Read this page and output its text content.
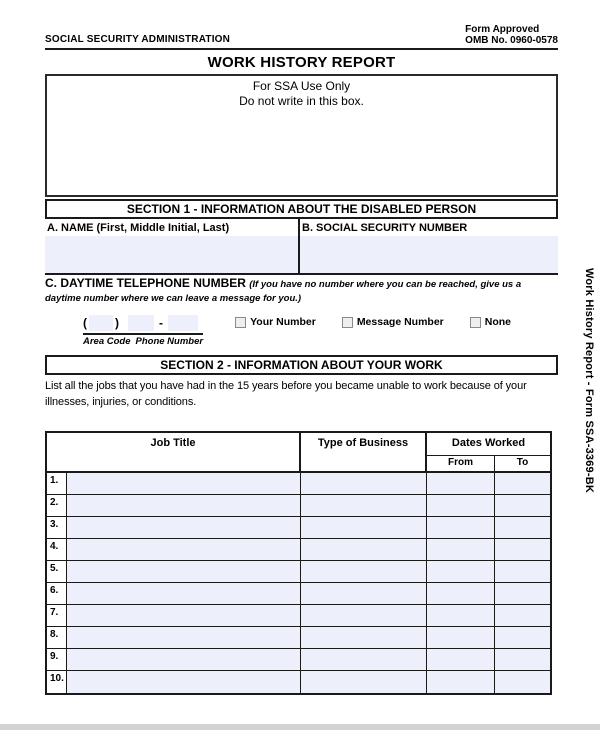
SOCIAL SECURITY ADMINISTRATION
Form Approved
OMB No. 0960-0578
WORK HISTORY REPORT
For SSA Use Only
Do not write in this box.
SECTION 1 - INFORMATION ABOUT THE DISABLED PERSON
A. NAME (First, Middle Initial, Last)	B. SOCIAL SECURITY NUMBER
C. DAYTIME TELEPHONE NUMBER (If you have no number where you can be reached, give us a daytime number where we can leave a message for you.)
( )	-
Area Code Phone Number
Your Number	Message Number	None
SECTION 2 - INFORMATION ABOUT YOUR WORK
List all the jobs that you have had in the 15 years before you became unable to work because of your illnesses, injuries, or conditions.
Job Title	Type of Business	Dates Worked
From	To
1.
2.
3.
4.
5.
6.
7.
8.
9.
10.
Work History Report - Form SSA-3369-BK
